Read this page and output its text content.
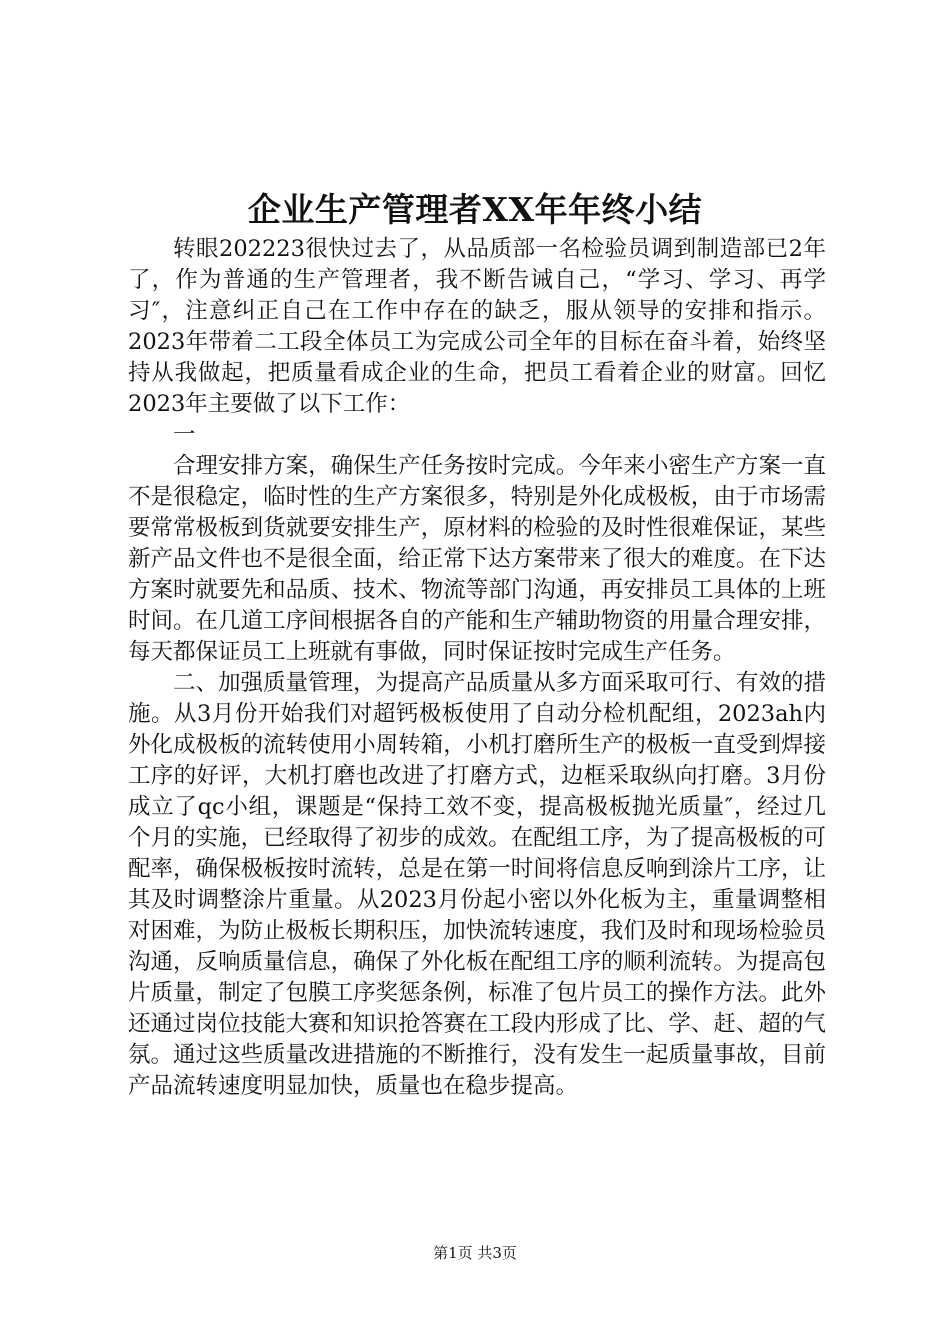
企业生产管理者XX年年终小结

转眼202223很快过去了，从品质部一名检验员调到制造部已2年了，作为普通的生产管理者，我不断告诫自己，“学习、学习、再学习″，注意纠正自己在工作中存在的缺乏，服从领导的安排和指示。2023年带着二工段全体员工为完成公司全年的目标在奋斗着，始终坚持从我做起，把质量看成企业的生命，把员工看着企业的财富。回忆2023年主要做了以下工作：

一

合理安排方案，确保生产任务按时完成。今年来小密生产方案一直不是很稳定，临时性的生产方案很多，特别是外化成极板，由于市场需要常常极板到货就要安排生产，原材料的检验的及时性很难保证，某些新产品文件也不是很全面，给正常下达方案带来了很大的难度。在下达方案时就要先和品质、技术、物流等部门沟通，再安排员工具体的上班时间。在几道工序间根据各自的产能和生产辅助物资的用量合理安排，每天都保证员工上班就有事做，同时保证按时完成生产任务。

二、加强质量管理，为提高产品质量从多方面采取可行、有效的措施。从3月份开始我们对超钙极板使用了自动分检机配组，2023ah内外化成极板的流转使用小周转箱，小机打磨所生产的极板一直受到焊接工序的好评，大机打磨也改进了打磨方式，边框采取纵向打磨。3月份成立了qc小组，课题是“保持工效不变，提高极板抛光质量″，经过几个月的实施，已经取得了初步的成效。在配组工序，为了提高极板的可配率，确保极板按时流转，总是在第一时间将信息反响到涂片工序，让其及时调整涂片重量。从2023月份起小密以外化板为主，重量调整相对困难，为防止极板长期积压，加快流转速度，我们及时和现场检验员沟通，反响质量信息，确保了外化板在配组工序的顺利流转。为提高包片质量，制定了包膜工序奖惩条例，标准了包片员工的操作方法。此外还通过岗位技能大赛和知识抢答赛在工段内形成了比、学、赶、超的气氛。通过这些质量改进措施的不断推行，没有发生一起质量事故，目前产品流转速度明显加快，质量也在稳步提高。

第1页 共3页
